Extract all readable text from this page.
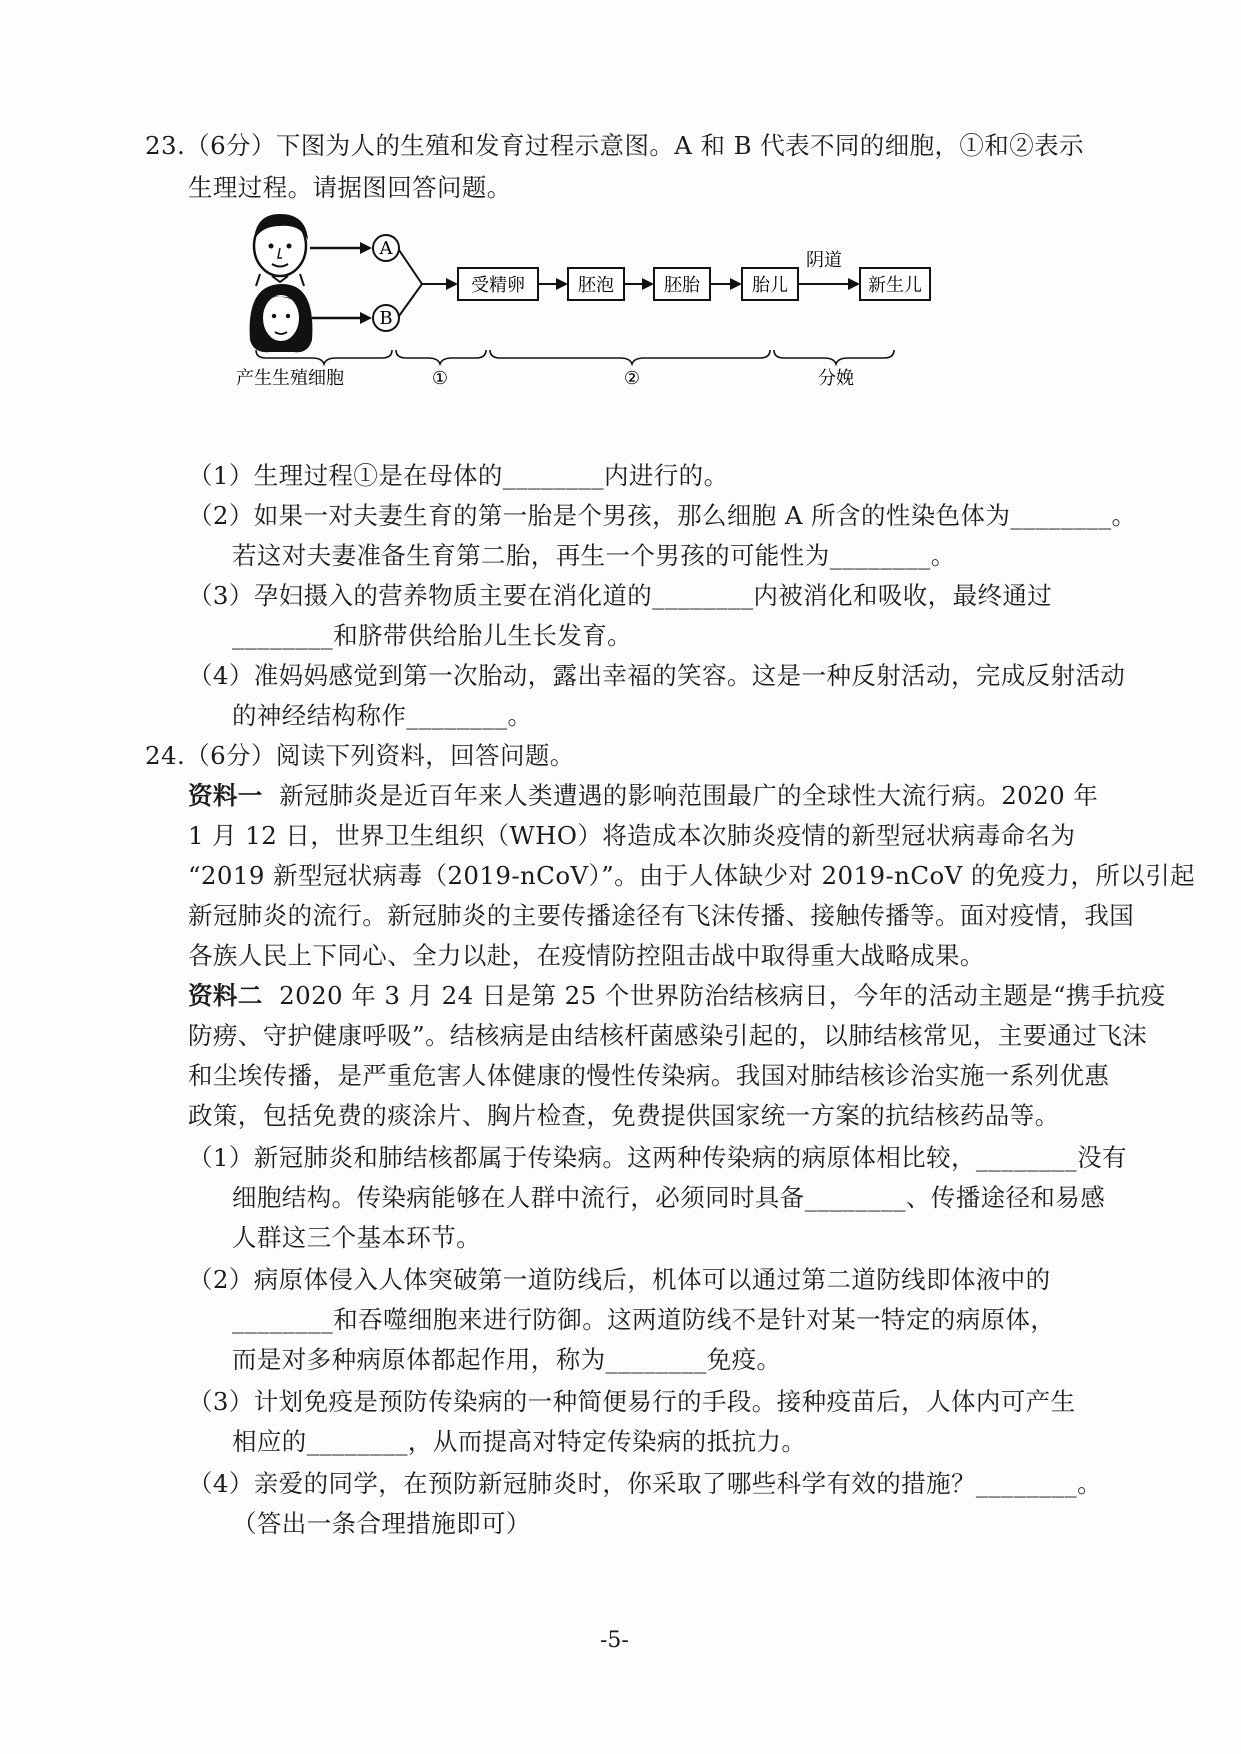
23.（6分）下图为人的生殖和发育过程示意图。A 和 B 代表不同的细胞，①和②表示
生理过程。请据图回答问题。
A
B
受精卵	胚泡	胚胎	胎儿
阴道
新生儿
产生生殖细胞	①	②	分娩
（1）生理过程①是在母体的________内进行的。
（2）如果一对夫妻生育的第一胎是个男孩，那么细胞 A 所含的性染色体为________。
若这对夫妻准备生育第二胎，再生一个男孩的可能性为________。
（3）孕妇摄入的营养物质主要在消化道的________内被消化和吸收，最终通过
________和脐带供给胎儿生长发育。
（4）准妈妈感觉到第一次胎动，露出幸福的笑容。这是一种反射活动，完成反射活动
的神经结构称作________。
24.（6分）阅读下列资料，回答问题。
资料一 新冠肺炎是近百年来人类遭遇的影响范围最广的全球性大流行病。2020 年
1 月 12 日，世界卫生组织（WHO）将造成本次肺炎疫情的新型冠状病毒命名为
“2019 新型冠状病毒（2019-nCoV）”。由于人体缺少对 2019-nCoV 的免疫力，所以引起
新冠肺炎的流行。新冠肺炎的主要传播途径有飞沫传播、接触传播等。面对疫情，我国
各族人民上下同心、全力以赴，在疫情防控阻击战中取得重大战略成果。
资料二 2020 年 3 月 24 日是第 25 个世界防治结核病日，今年的活动主题是“携手抗疫
防痨、守护健康呼吸”。结核病是由结核杆菌感染引起的，以肺结核常见，主要通过飞沫
和尘埃传播，是严重危害人体健康的慢性传染病。我国对肺结核诊治实施一系列优惠
政策，包括免费的痰涂片、胸片检查，免费提供国家统一方案的抗结核药品等。
（1）新冠肺炎和肺结核都属于传染病。这两种传染病的病原体相比较，________没有
细胞结构。传染病能够在人群中流行，必须同时具备________、传播途径和易感
人群这三个基本环节。
（2）病原体侵入人体突破第一道防线后，机体可以通过第二道防线即体液中的
________和吞噬细胞来进行防御。这两道防线不是针对某一特定的病原体，
而是对多种病原体都起作用，称为________免疫。
（3）计划免疫是预防传染病的一种简便易行的手段。接种疫苗后，人体内可产生
相应的________，从而提高对特定传染病的抵抗力。
（4）亲爱的同学，在预防新冠肺炎时，你采取了哪些科学有效的措施？________。
（答出一条合理措施即可）
-5-
